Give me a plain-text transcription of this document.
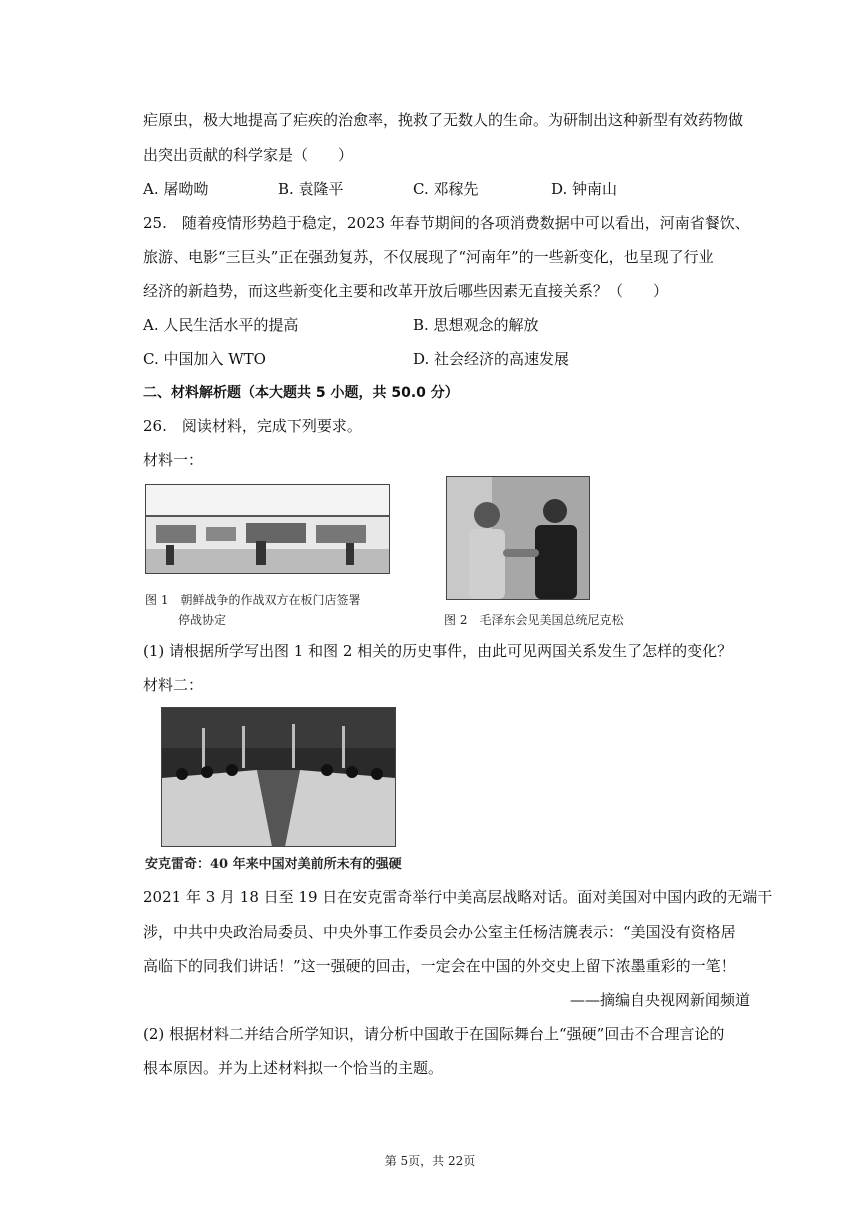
疟原虫，极大地提高了疟疾的治愈率，挽救了无数人的生命。为研制出这种新型有效药物做
出突出贡献的科学家是（　　）
A. 屠呦呦	B. 袁隆平	C. 邓稼先	D. 钟南山
25.　随着疫情形势趋于稳定，2023 年春节期间的各项消费数据中可以看出，河南省餐饮、
旅游、电影“三巨头”正在强劲复苏，不仅展现了“河南年”的一些新变化，也呈现了行业
经济的新趋势，而这些新变化主要和改革开放后哪些因素无直接关系？（　　）
A. 人民生活水平的提高	B. 思想观念的解放
C. 中国加入 WTO	D. 社会经济的高速发展
二、材料解析题（本大题共 5 小题，共 50.0 分）
26.　阅读材料，完成下列要求。
材料一：
图 1　朝鲜战争的作战双方在板门店签署
停战协定	图 2　毛泽东会见美国总统尼克松
(1) 请根据所学写出图 1 和图 2 相关的历史事件，由此可见两国关系发生了怎样的变化？
材料二：
安克雷奇：40 年来中国对美前所未有的强硬
2021 年 3 月 18 日至 19 日在安克雷奇举行中美高层战略对话。面对美国对中国内政的无端干
涉，中共中央政治局委员、中央外事工作委员会办公室主任杨洁篪表示：“美国没有资格居
高临下的同我们讲话！”这一强硬的回击，一定会在中国的外交史上留下浓墨重彩的一笔！
——摘编自央视网新闻频道
(2) 根据材料二并结合所学知识，请分析中国敢于在国际舞台上“强硬”回击不合理言论的
根本原因。并为上述材料拟一个恰当的主题。
第 5页，共 22页
